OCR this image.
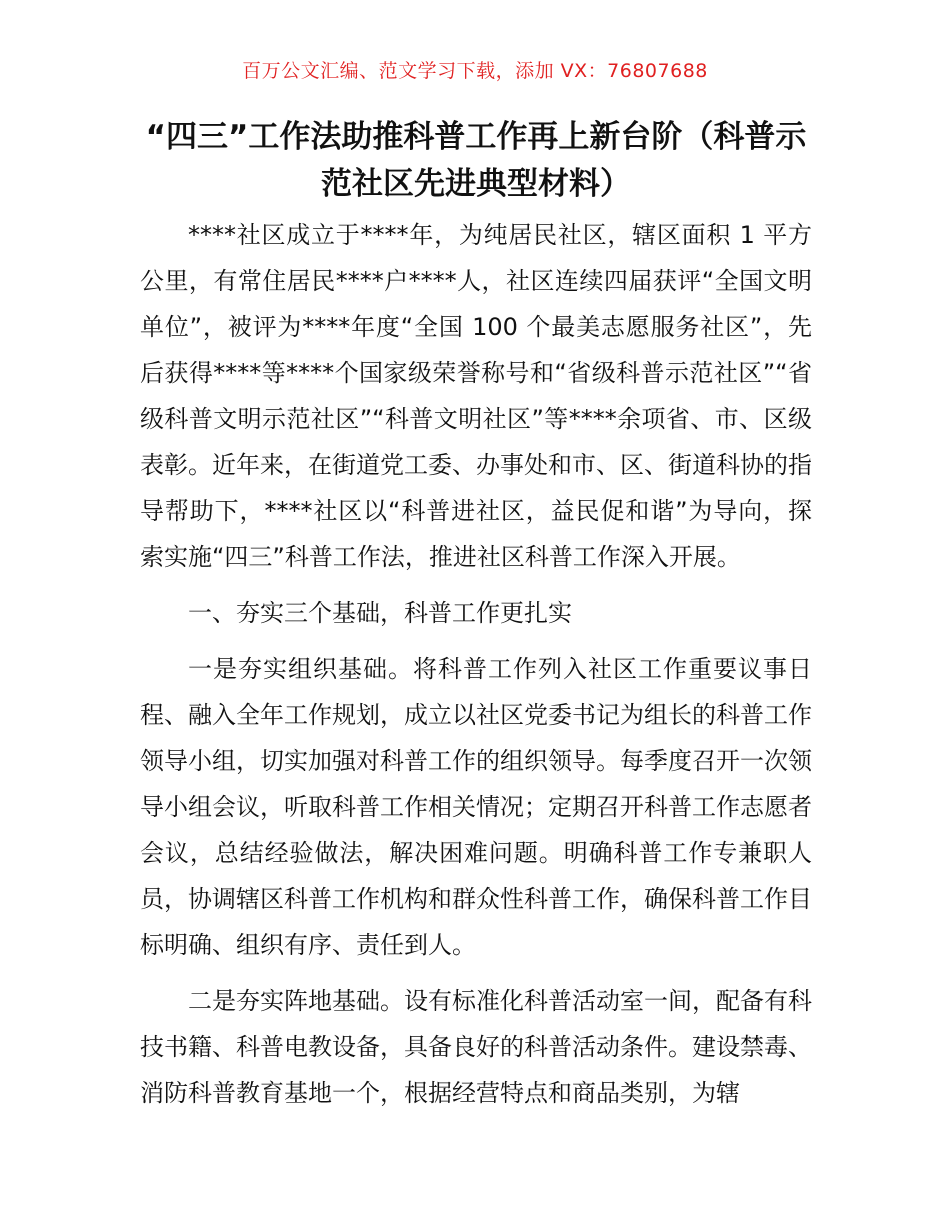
百万公文汇编、范文学习下载，添加 VX：76807688
“四三”工作法助推科普工作再上新台阶（科普示范社区先进典型材料）

****社区成立于****年，为纯居民社区，辖区面积 1 平方公里，有常住居民****户****人，社区连续四届获评“全国文明单位”，被评为****年度“全国 100 个最美志愿服务社区”，先后获得****等****个国家级荣誉称号和“省级科普示范社区”“省级科普文明示范社区”“科普文明社区”等****余项省、市、区级表彰。近年来，在街道党工委、办事处和市、区、街道科协的指导帮助下，****社区以“科普进社区，益民促和谐”为导向，探索实施“四三”科普工作法，推进社区科普工作深入开展。

一、夯实三个基础，科普工作更扎实

一是夯实组织基础。将科普工作列入社区工作重要议事日程、融入全年工作规划，成立以社区党委书记为组长的科普工作领导小组，切实加强对科普工作的组织领导。每季度召开一次领导小组会议，听取科普工作相关情况；定期召开科普工作志愿者会议，总结经验做法，解决困难问题。明确科普工作专兼职人员，协调辖区科普工作机构和群众性科普工作，确保科普工作目标明确、组织有序、责任到人。

二是夯实阵地基础。设有标准化科普活动室一间，配备有科技书籍、科普电教设备，具备良好的科普活动条件。建设禁毒、消防科普教育基地一个，根据经营特点和商品类别，为辖
